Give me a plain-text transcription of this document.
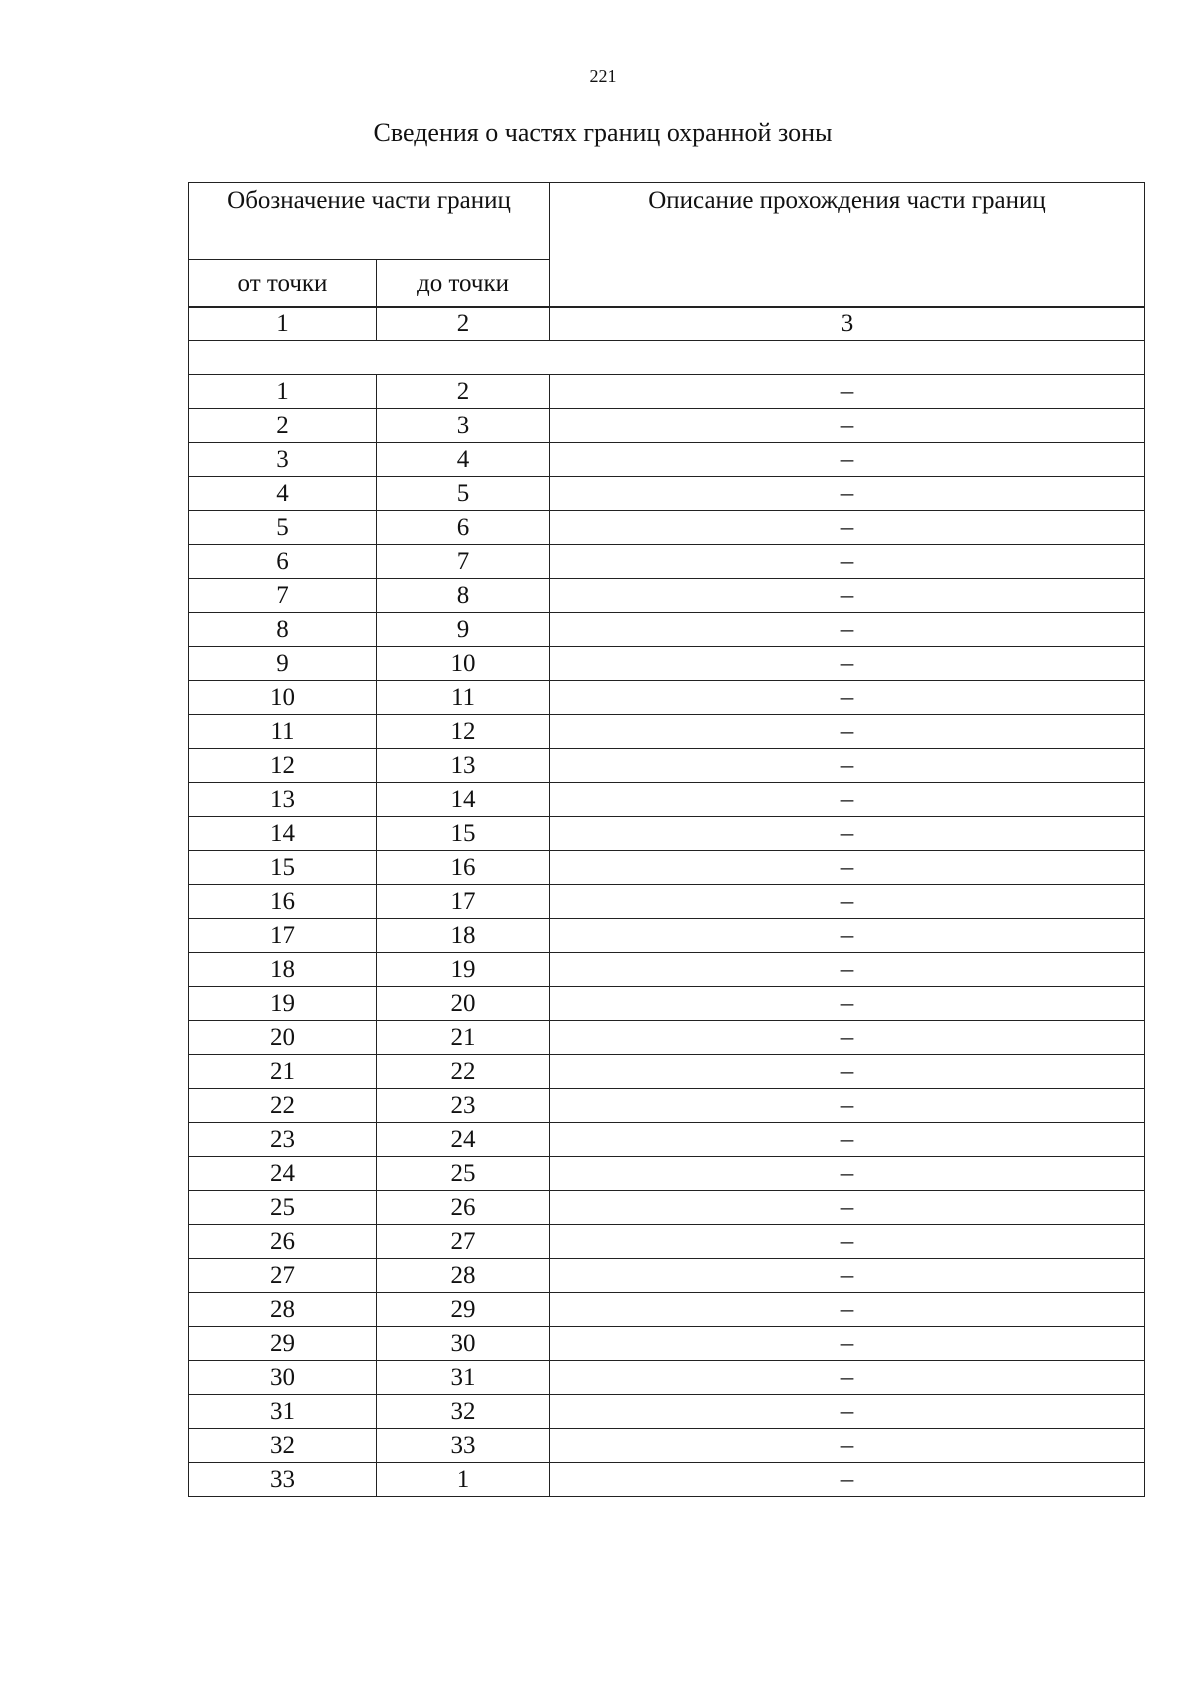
221
Сведения о частях границ охранной зоны
Обозначение части границ		Описание прохождения части границ
от точки	до точки	
1	2	3

1	2	–
2	3	–
3	4	–
4	5	–
5	6	–
6	7	–
7	8	–
8	9	–
9	10	–
10	11	–
11	12	–
12	13	–
13	14	–
14	15	–
15	16	–
16	17	–
17	18	–
18	19	–
19	20	–
20	21	–
21	22	–
22	23	–
23	24	–
24	25	–
25	26	–
26	27	–
27	28	–
28	29	–
29	30	–
30	31	–
31	32	–
32	33	–
33	1	–
